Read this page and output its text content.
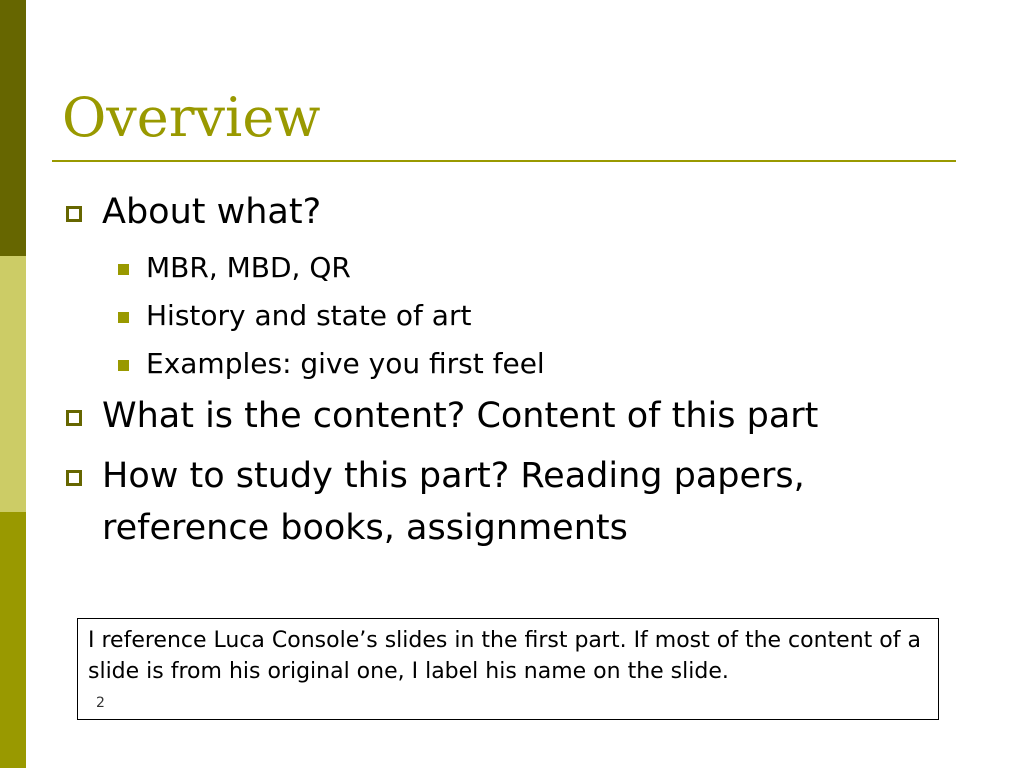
Overview
About what?
MBR, MBD, QR
History and state of art
Examples: give you first feel
What is the content? Content of this part
How to study this part? Reading papers, reference books, assignments
I reference Luca Console’s slides in the first part. If most of the content of a slide is from his original one, I label his name on the slide.
2
